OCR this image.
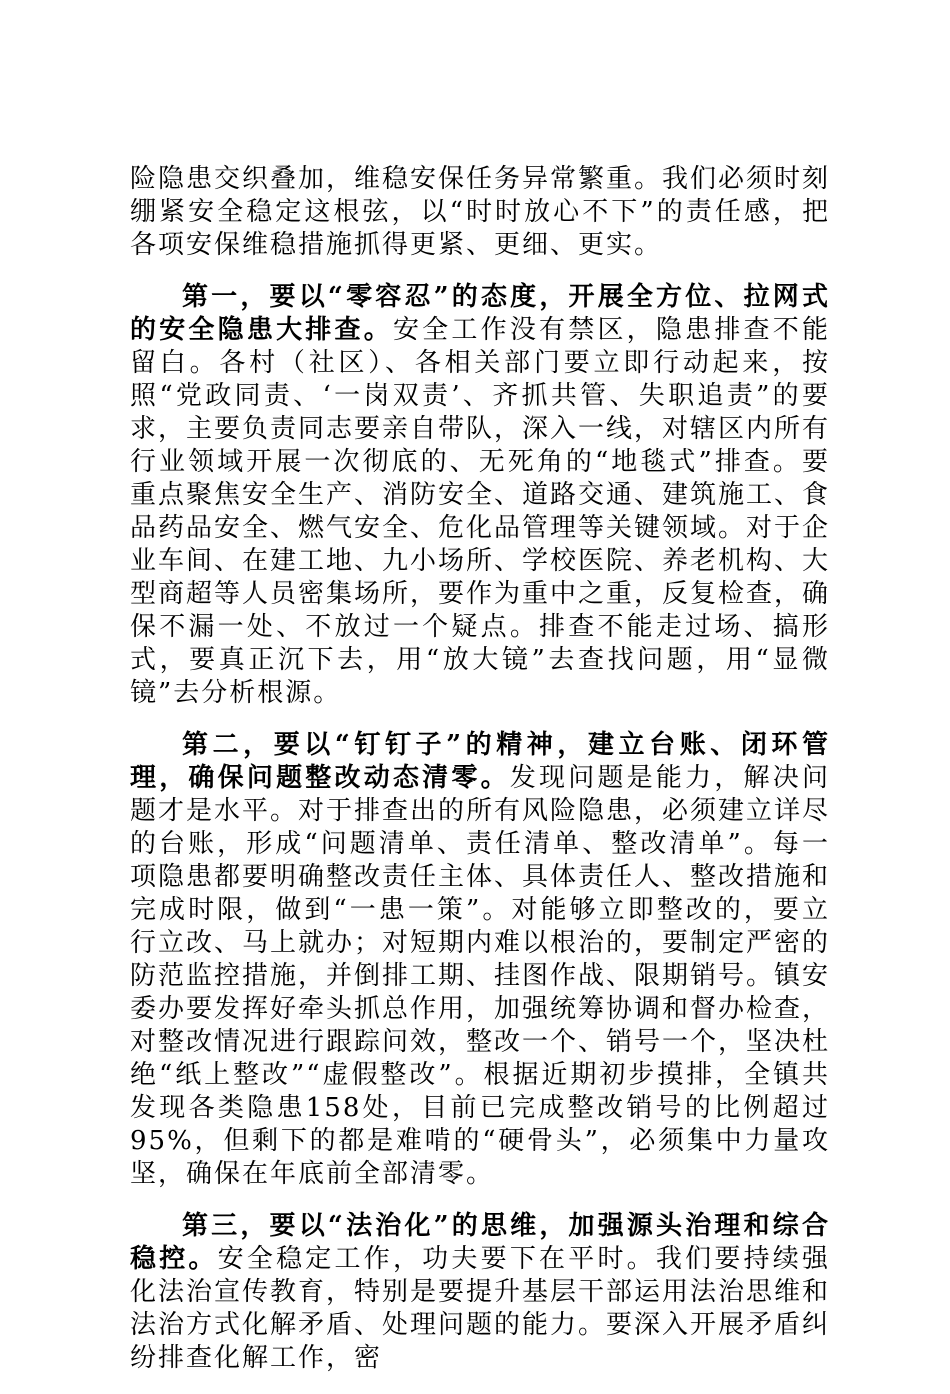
险隐患交织叠加，维稳安保任务异常繁重。我们必须时刻绷紧安全稳定这根弦，以“时时放心不下”的责任感，把各项安保维稳措施抓得更紧、更细、更实。

第一，要以“零容忍”的态度，开展全方位、拉网式的安全隐患大排查。安全工作没有禁区，隐患排查不能留白。各村（社区）、各相关部门要立即行动起来，按照“党政同责、‘一岗双责’、齐抓共管、失职追责”的要求，主要负责同志要亲自带队，深入一线，对辖区内所有行业领域开展一次彻底的、无死角的“地毯式”排查。要重点聚焦安全生产、消防安全、道路交通、建筑施工、食品药品安全、燃气安全、危化品管理等关键领域。对于企业车间、在建工地、九小场所、学校医院、养老机构、大型商超等人员密集场所，要作为重中之重，反复检查，确保不漏一处、不放过一个疑点。排查不能走过场、搞形式，要真正沉下去，用“放大镜”去查找问题，用“显微镜”去分析根源。

第二，要以“钉钉子”的精神，建立台账、闭环管理，确保问题整改动态清零。发现问题是能力，解决问题才是水平。对于排查出的所有风险隐患，必须建立详尽的台账，形成“问题清单、责任清单、整改清单”。每一项隐患都要明确整改责任主体、具体责任人、整改措施和完成时限，做到“一患一策”。对能够立即整改的，要立行立改、马上就办；对短期内难以根治的，要制定严密的防范监控措施，并倒排工期、挂图作战、限期销号。镇安委办要发挥好牵头抓总作用，加强统筹协调和督办检查，对整改情况进行跟踪问效，整改一个、销号一个，坚决杜绝“纸上整改”“虚假整改”。根据近期初步摸排，全镇共发现各类隐患158处，目前已完成整改销号的比例超过95%，但剩下的都是难啃的“硬骨头”，必须集中力量攻坚，确保在年底前全部清零。

第三，要以“法治化”的思维，加强源头治理和综合稳控。安全稳定工作，功夫要下在平时。我们要持续强化法治宣传教育，特别是要提升基层干部运用法治思维和法治方式化解矛盾、处理问题的能力。要深入开展矛盾纠纷排查化解工作，密
